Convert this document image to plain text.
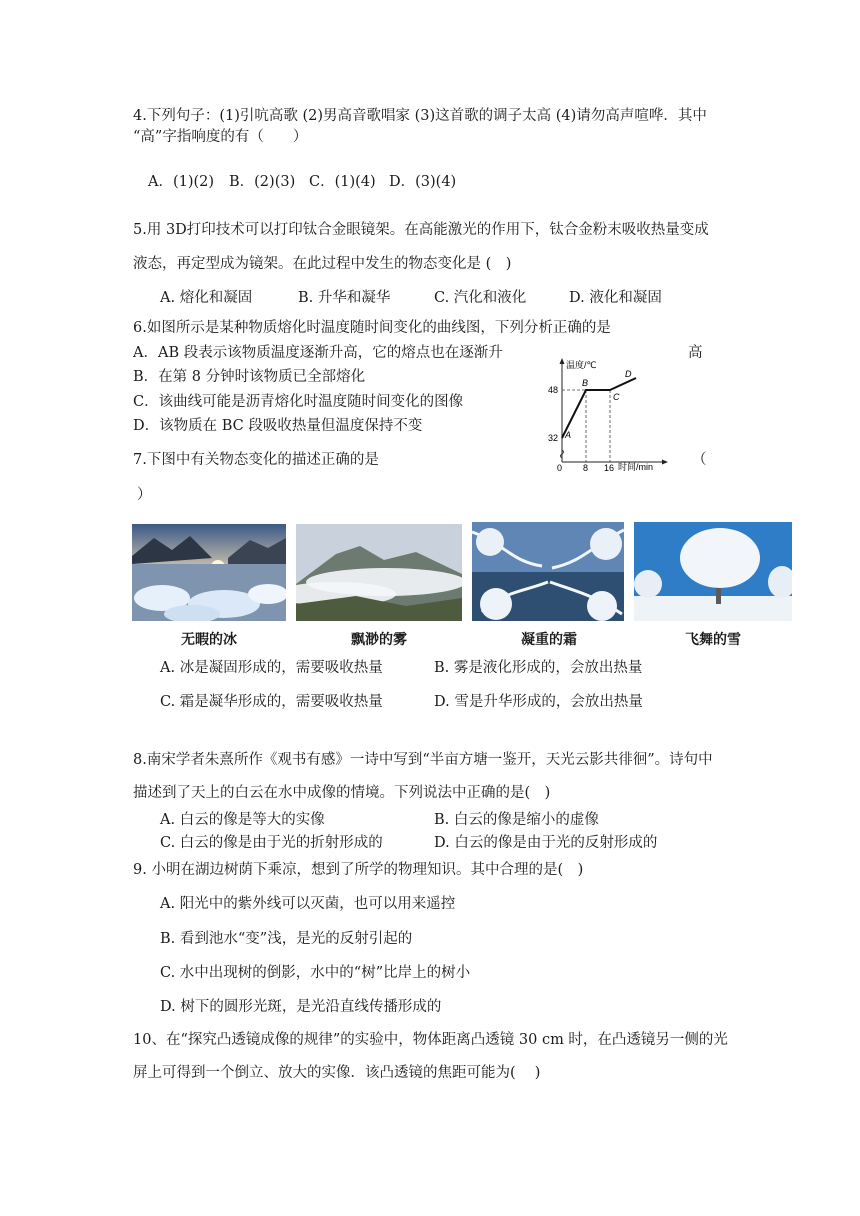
4.下列句子：(1)引吭高歌 (2)男高音歌唱家 (3)这首歌的调子太高 (4)请勿高声喧哗．其中
“高”字指响度的有（　　）
A．(1)(2) B．(2)(3) C．(1)(4) D．(3)(4)
5.用 3D打印技术可以打印钛合金眼镜架。在高能激光的作用下，钛合金粉末吸收热量变成
液态，再定型成为镜架。在此过程中发生的物态变化是 (　)
A. 熔化和凝固	B. 升华和凝华	C. 汽化和液化	D. 液化和凝固
6.如图所示是某种物质熔化时温度随时间变化的曲线图，下列分析正确的是
A．AB 段表示该物质温度逐渐升高，它的熔点也在逐渐升	高
B．在第 8 分钟时该物质已全部熔化
C．该曲线可能是沥青熔化时温度随时间变化的图像
D．该物质在 BC 段吸收热量但温度保持不变
温度/℃
48
32
0 8 16 时间/min
A
B
C
D
7.下图中有关物态变化的描述正确的是	（
）
无暇的冰	飘渺的雾	凝重的霜	飞舞的雪
A. 冰是凝固形成的，需要吸收热量	B. 雾是液化形成的，会放出热量
C. 霜是凝华形成的，需要吸收热量	D. 雪是升华形成的，会放出热量
8.南宋学者朱熹所作《观书有感》一诗中写到“半亩方塘一鉴开，天光云影共徘徊”。诗句中
描述到了天上的白云在水中成像的情境。下列说法中正确的是(　)
A. 白云的像是等大的实像	B. 白云的像是缩小的虚像
C. 白云的像是由于光的折射形成的	D. 白云的像是由于光的反射形成的
9. 小明在湖边树荫下乘凉，想到了所学的物理知识。其中合理的是(　)
A. 阳光中的紫外线可以灭菌，也可以用来遥控
B. 看到池水“变”浅，是光的反射引起的
C. 水中出现树的倒影，水中的“树”比岸上的树小
D. 树下的圆形光斑，是光沿直线传播形成的
10、在“探究凸透镜成像的规律”的实验中，物体距离凸透镜 30 cm 时，在凸透镜另一侧的光
屏上可得到一个倒立、放大的实像．该凸透镜的焦距可能为(　 )
